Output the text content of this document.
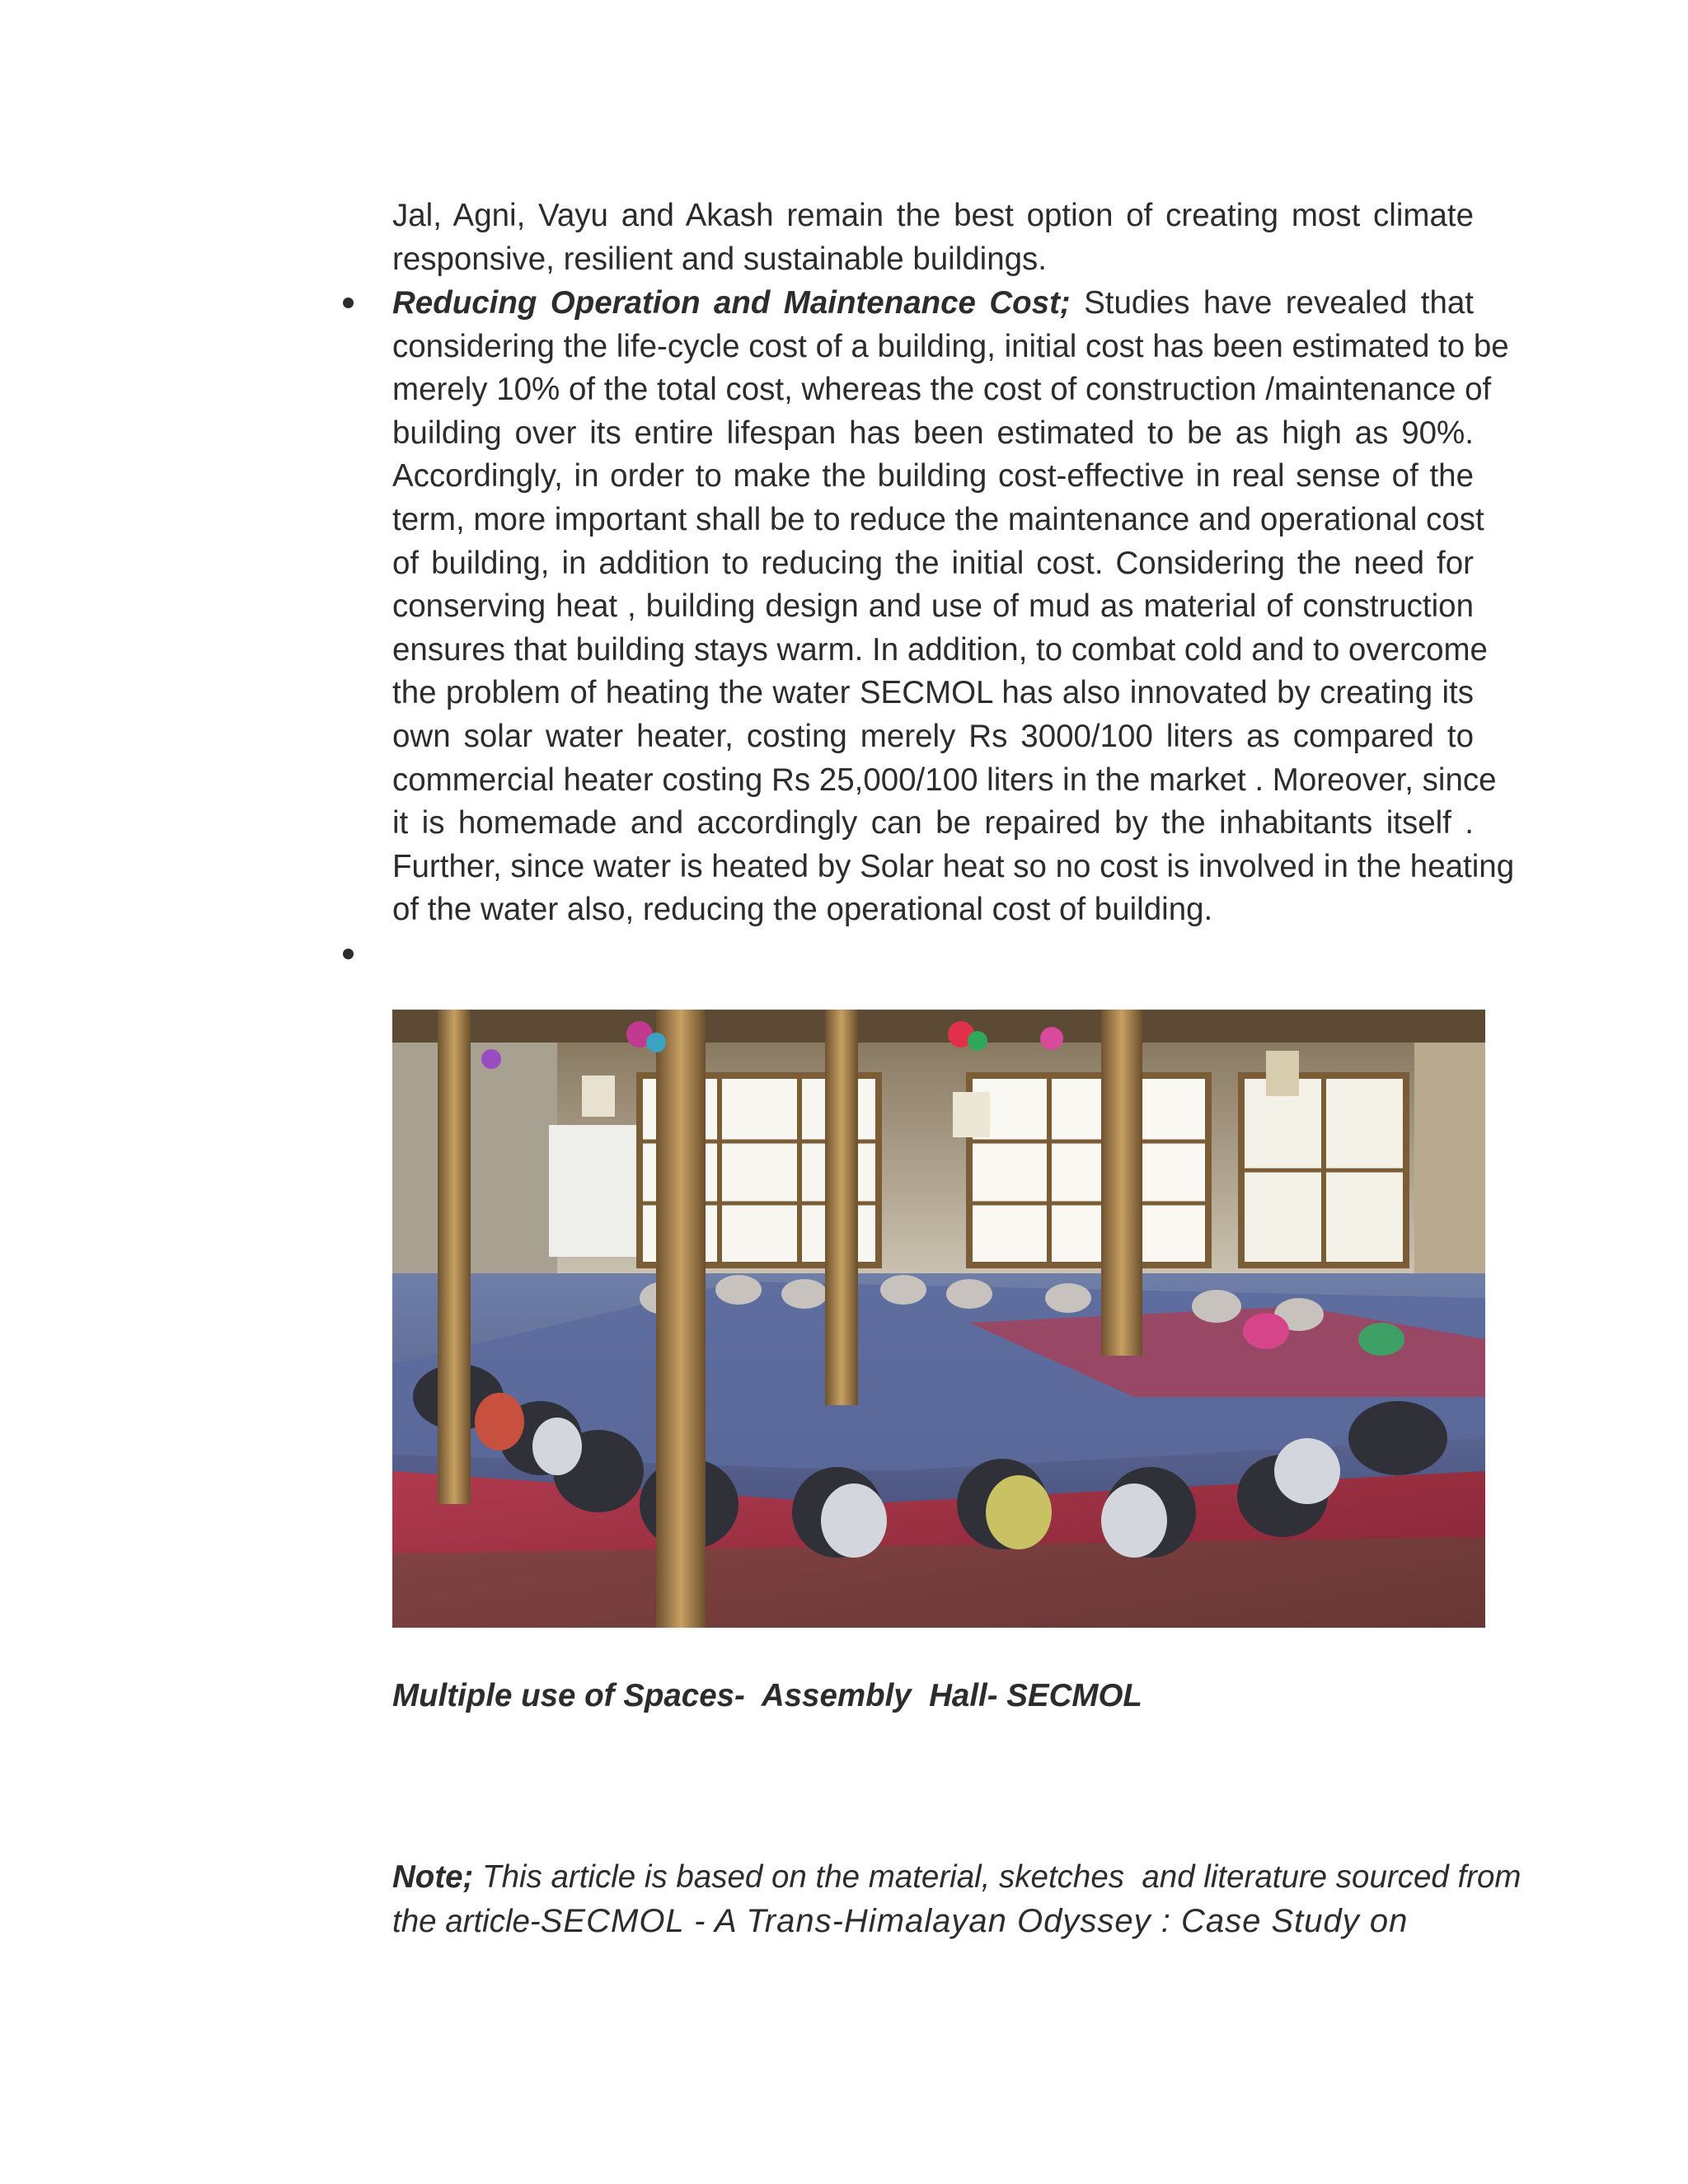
Jal, Agni, Vayu and Akash remain the best option of creating most climate
responsive, resilient and sustainable buildings.
Reducing Operation and Maintenance Cost; Studies have revealed that
considering the life-cycle cost of a building, initial cost has been estimated to be
merely 10% of the total cost, whereas the cost of construction /maintenance of
building over its entire lifespan has been estimated to be as high as 90%.
Accordingly, in order to make the building cost-effective in real sense of the
term, more important shall be to reduce the maintenance and operational cost
of building, in addition to reducing the initial cost. Considering the need for
conserving heat , building design and use of mud as material of construction
ensures that building stays warm. In addition, to combat cold and to overcome
the problem of heating the water SECMOL has also innovated by creating its
own solar water heater, costing merely Rs 3000/100 liters as compared to
commercial heater costing Rs 25,000/100 liters in the market . Moreover, since
it is homemade and accordingly can be repaired by the inhabitants itself .
Further, since water is heated by Solar heat so no cost is involved in the heating
of the water also, reducing the operational cost of building.
Multiple use of Spaces-  Assembly  Hall- SECMOL
Note; This article is based on the material, sketches  and literature sourced from
the article-SECMOL - A Trans-Himalayan Odyssey : Case Study on
